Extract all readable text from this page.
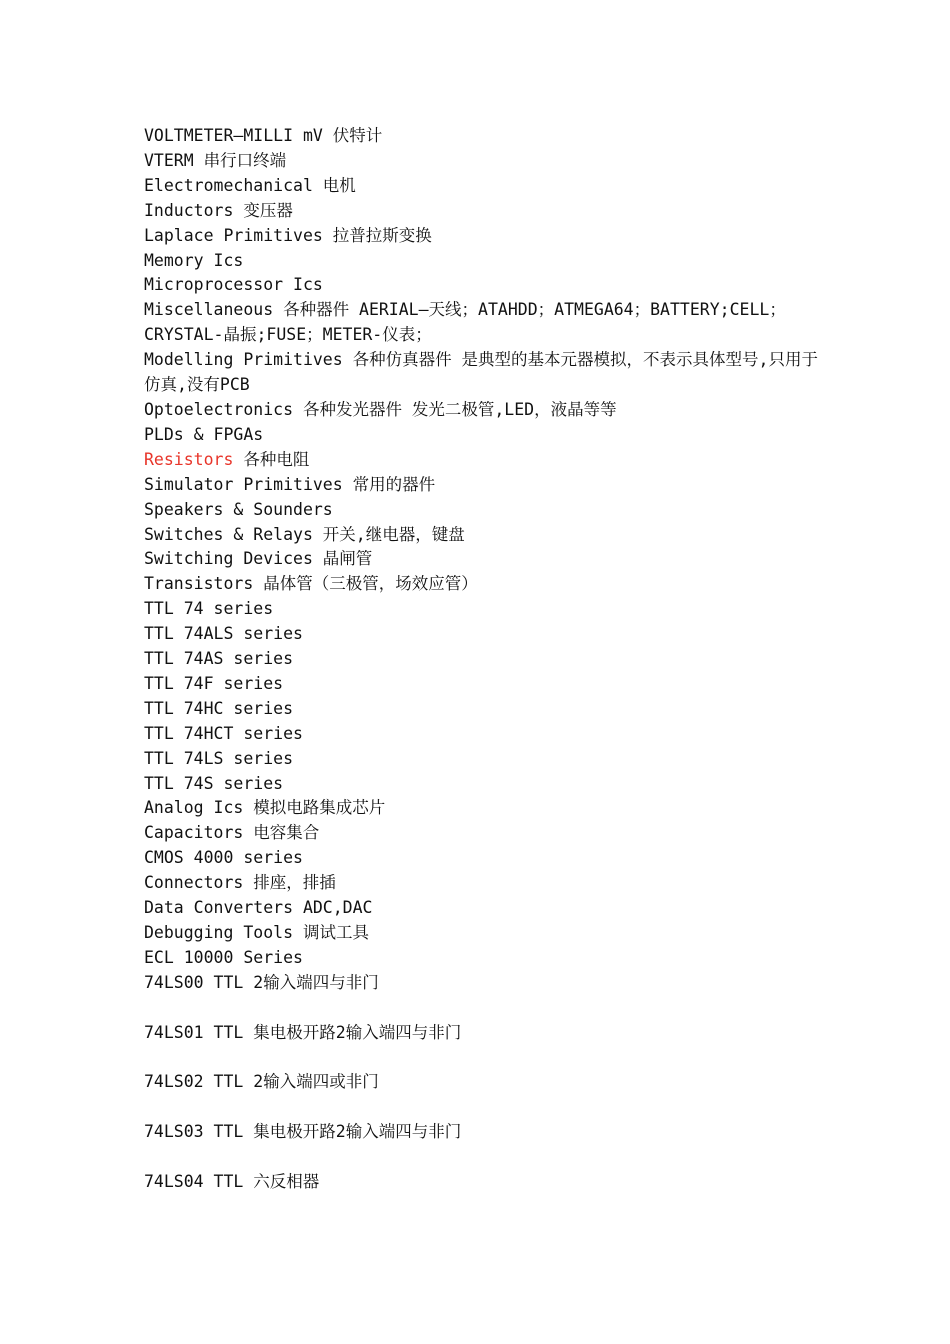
VOLTMETER—MILLI mV 伏特计

VTERM 串行口终端

Electromechanical 电机

Inductors 变压器

Laplace Primitives 拉普拉斯变换

Memory Ics

Microprocessor Ics

Miscellaneous 各种器件 AERIAL—天线；ATAHDD；ATMEGA64；BATTERY;CELL；CRYSTAL-晶振;FUSE；METER-仪表；

Modelling Primitives 各种仿真器件 是典型的基本元器模拟，不表示具体型号,只用于仿真,没有PCB

Optoelectronics 各种发光器件 发光二极管,LED，液晶等等

PLDs & FPGAs

Resistors 各种电阻

Simulator Primitives 常用的器件

Speakers & Sounders

Switches & Relays 开关,继电器，键盘

Switching Devices 晶闸管

Transistors 晶体管（三极管，场效应管）

TTL 74 series

TTL 74ALS series

TTL 74AS series

TTL 74F series

TTL 74HC series

TTL 74HCT series

TTL 74LS series

TTL 74S series

Analog Ics 模拟电路集成芯片

Capacitors 电容集合

CMOS 4000 series

Connectors 排座，排插

Data Converters ADC,DAC

Debugging Tools 调试工具

ECL 10000 Series

74LS00 TTL 2输入端四与非门

74LS01 TTL 集电极开路2输入端四与非门

74LS02 TTL 2输入端四或非门

74LS03 TTL 集电极开路2输入端四与非门

74LS04 TTL 六反相器
